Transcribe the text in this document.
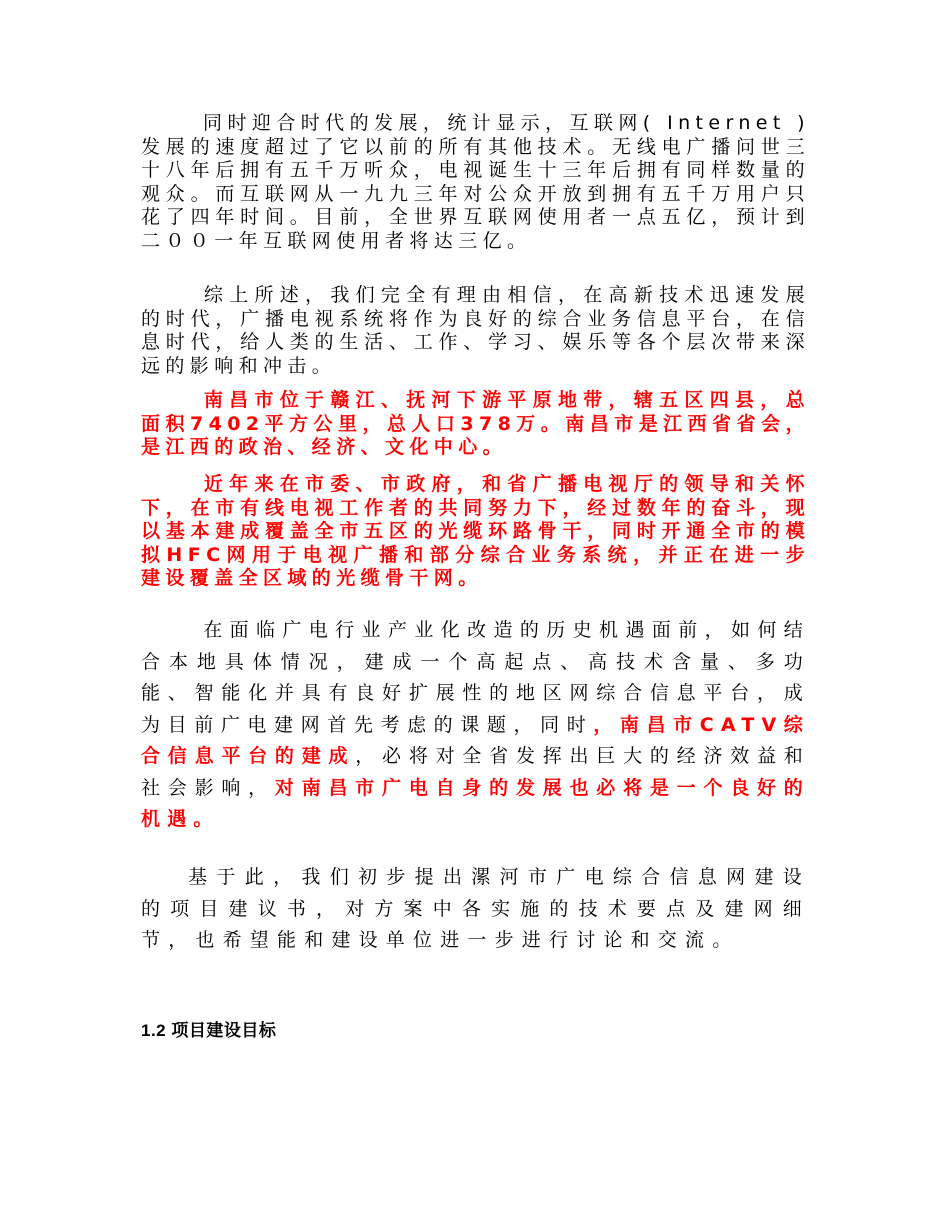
同时迎合时代的发展，统计显示，互联网( Internet ) 发展的速度超过了它以前的所有其他技术。无线电广播问世三十八年后拥有五千万听众，电视诞生十三年后拥有同样数量的观众。而互联网从一九九三年对公众开放到拥有五千万用户只花了四年时间。目前，全世界互联网使用者一点五亿，预计到二００一年互联网使用者将达三亿。

综上所述，我们完全有理由相信，在高新技术迅速发展的时代，广播电视系统将作为良好的综合业务信息平台，在信息时代，给人类的生活、工作、学习、娱乐等各个层次带来深远的影响和冲击。

南昌市位于赣江、抚河下游平原地带，辖五区四县，总面积7402平方公里，总人口378万。南昌市是江西省省会，是江西的政治、经济、文化中心。

近年来在市委、市政府，和省广播电视厅的领导和关怀下，在市有线电视工作者的共同努力下，经过数年的奋斗，现以基本建成覆盖全市五区的光缆环路骨干，同时开通全市的模拟HFC网用于电视广播和部分综合业务系统，并正在进一步建设覆盖全区域的光缆骨干网。

在面临广电行业产业化改造的历史机遇面前，如何结合本地具体情况，建成一个高起点、高技术含量、多功能、智能化并具有良好扩展性的地区网综合信息平台，成为目前广电建网首先考虑的课题，同时，南昌市CATV综合信息平台的建成，必将对全省发挥出巨大的经济效益和社会影响，对南昌市广电自身的发展也必将是一个良好的机遇。

基于此，我们初步提出漯河市广电综合信息网建设的项目建议书，对方案中各实施的技术要点及建网细节，也希望能和建设单位进一步进行讨论和交流。

1.2 项目建设目标
